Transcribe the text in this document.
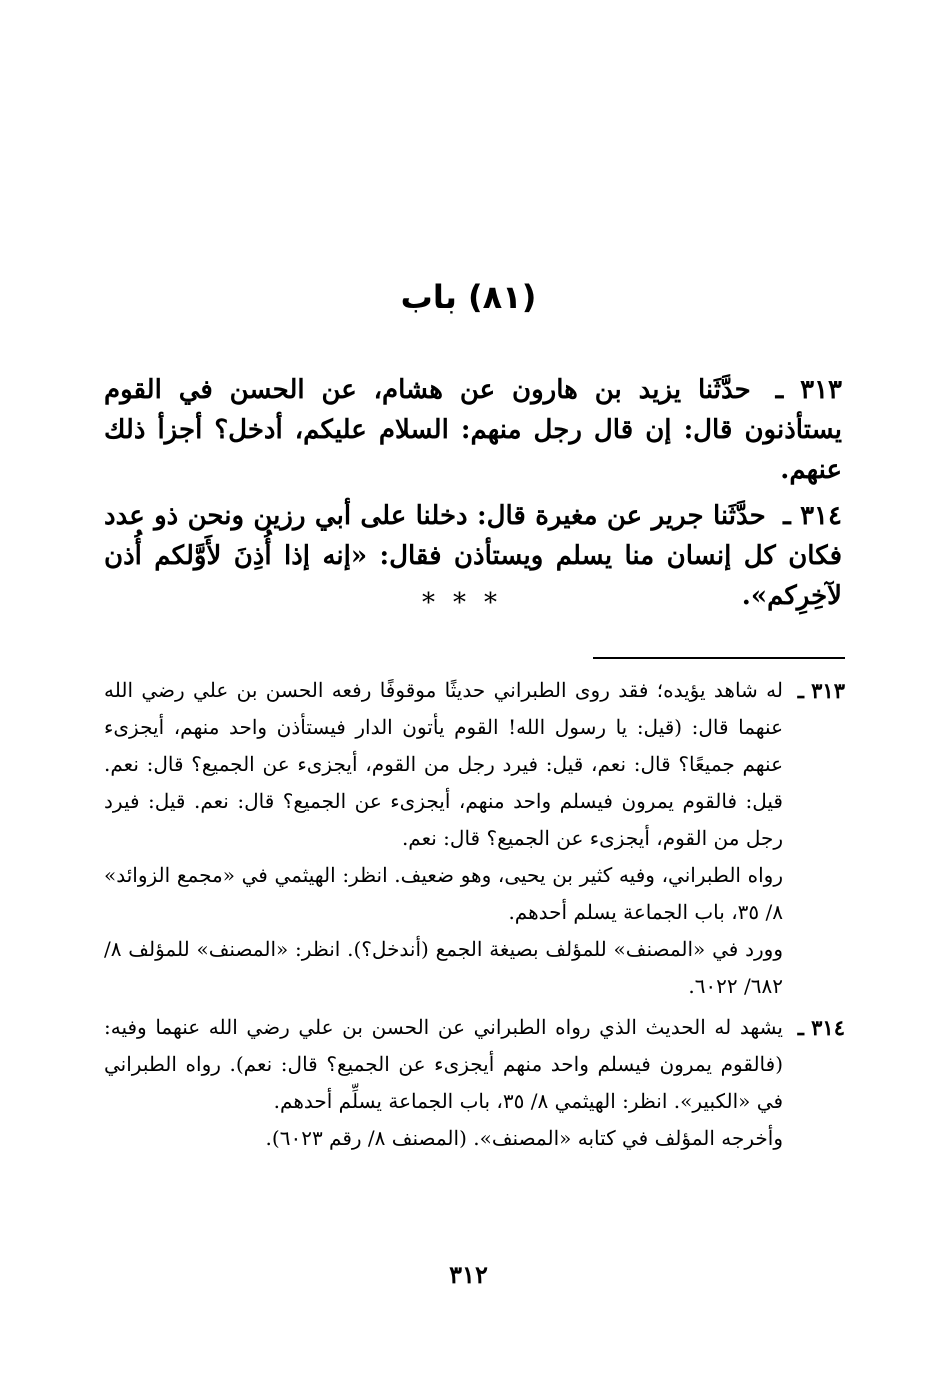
(٨١) باب

٣١٣ ـ حدَّثَنا يزيد بن هارون عن هشام، عن الحسن في القوم يستأذنون قال: إن قال رجل منهم: السلام عليكم، أدخل؟ أجزأ ذلك عنهم.

٣١٤ ـ حدَّثَنا جرير عن مغيرة قال: دخلنا على أبي رزين ونحن ذو عدد فكان كل إنسان منا يسلم ويستأذن فقال: «إنه إذا أُذِنَ لأَوَّلكم أُذن لآخِرِكم».

***
٣١٣ ـ

له شاهد يؤيده؛ فقد روى الطبراني حديثًا موقوفًا رفعه الحسن بن علي رضي الله عنهما قال: (قيل: يا رسول الله! القوم يأتون الدار فيستأذن واحد منهم، أيجزىء عنهم جميعًا؟ قال: نعم، قيل: فيرد رجل من القوم، أيجزىء عن الجميع؟ قال: نعم. قيل: فالقوم يمرون فيسلم واحد منهم، أيجزىء عن الجميع؟ قال: نعم. قيل: فيرد رجل من القوم، أيجزىء عن الجميع؟ قال: نعم.

رواه الطبراني، وفيه كثير بن يحيى، وهو ضعيف. انظر: الهيثمي في «مجمع الزوائد» ٨/ ٣٥، باب الجماعة يسلم أحدهم.

وورد في «المصنف» للمؤلف بصيغة الجمع (أندخل؟). انظر: «المصنف» للمؤلف ٨/ ٦٨٢/ ٦٠٢٢.

٣١٤ ـ

يشهد له الحديث الذي رواه الطبراني عن الحسن بن علي رضي الله عنهما وفيه: (فالقوم يمرون فيسلم واحد منهم أيجزىء عن الجميع؟ قال: نعم). رواه الطبراني في «الكبير». انظر: الهيثمي ٨/ ٣٥، باب الجماعة يسلِّم أحدهم.

وأخرجه المؤلف في كتابه «المصنف». (المصنف ٨/ رقم ٦٠٢٣).

٣١٢
